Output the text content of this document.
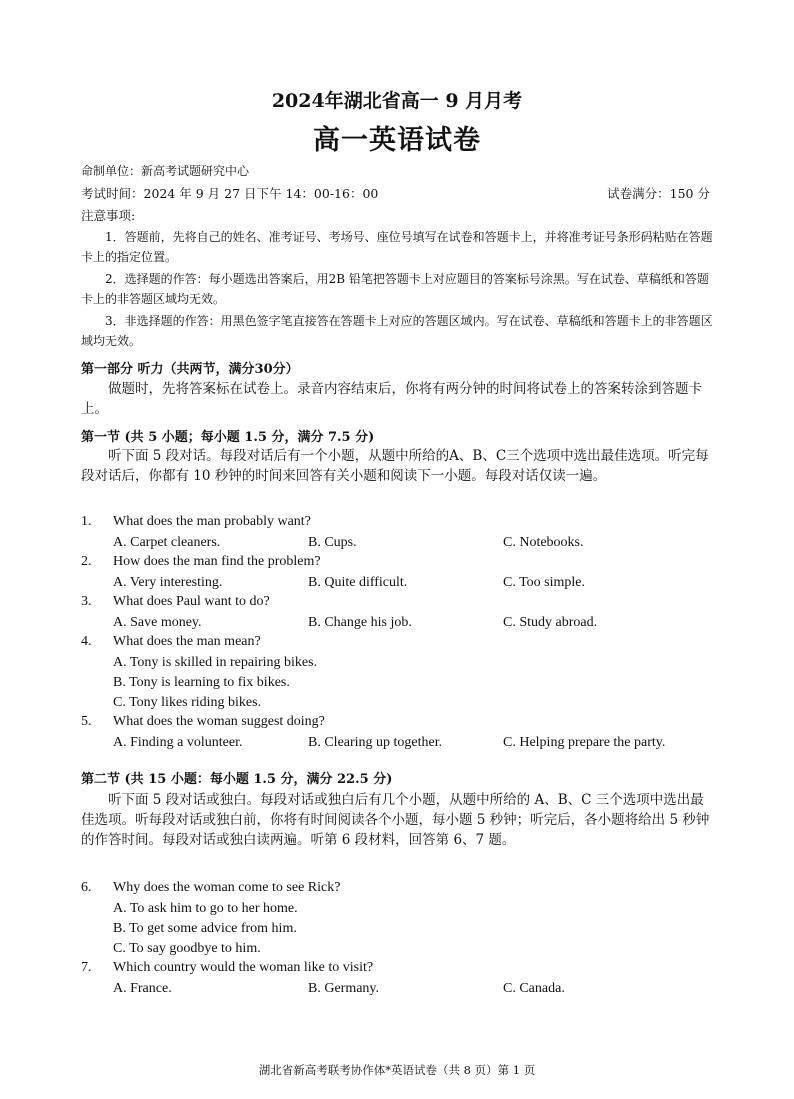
2024年湖北省高一 9 月月考
高一英语试卷
命制单位：新高考试题研究中心
考试时间：2024 年 9 月 27 日下午 14：00-16：00	试卷满分：150 分
注意事项:
1．答题前，先将自己的姓名、准考证号、考场号、座位号填写在试卷和答题卡上，并将准考证号条形码粘贴在答题卡上的指定位置。
2．选择题的作答：每小题选出答案后，用2B 铅笔把答题卡上对应题目的答案标号涂黑。写在试卷、草稿纸和答题卡上的非答题区域均无效。
3．非选择题的作答：用黑色签字笔直接答在答题卡上对应的答题区域内。写在试卷、草稿纸和答题卡上的非答题区域均无效。
第一部分 听力（共两节，满分30分）
做题时，先将答案标在试卷上。录音内容结束后，你将有两分钟的时间将试卷上的答案转涂到答题卡上。
第一节 (共 5 小题；每小题 1.5 分，满分 7.5 分)
听下面 5 段对话。每段对话后有一个小题，从题中所给的A、B、C三个选项中选出最佳选项。听完每段对话后，你都有 10 秒钟的时间来回答有关小题和阅读下一小题。每段对话仅读一遍。
1. What does the man probably want?
A. Carpet cleaners.	B. Cups.	C. Notebooks.
2. How does the man find the problem?
A. Very interesting.	B. Quite difficult.	C. Too simple.
3. What does Paul want to do?
A. Save money.	B. Change his job.	C. Study abroad.
4. What does the man mean?
A. Tony is skilled in repairing bikes.
B. Tony is learning to fix bikes.
C. Tony likes riding bikes.
5. What does the woman suggest doing?
A. Finding a volunteer.	B. Clearing up together.	C. Helping prepare the party.
第二节 (共 15 小题：每小题 1.5 分，满分 22.5 分)
听下面 5 段对话或独白。每段对话或独白后有几个小题，从题中所给的 A、B、C 三个选项中选出最佳选项。听每段对话或独白前，你将有时间阅读各个小题，每小题 5 秒钟；听完后，各小题将给出 5 秒钟的作答时间。每段对话或独白读两遍。听第 6 段材料，回答第 6、7 题。
6. Why does the woman come to see Rick?
A. To ask him to go to her home.
B. To get some advice from him.
C. To say goodbye to him.
7. Which country would the woman like to visit?
A. France.	B. Germany.	C. Canada.
湖北省新高考联考协作体*英语试卷（共 8 页）第 1 页
